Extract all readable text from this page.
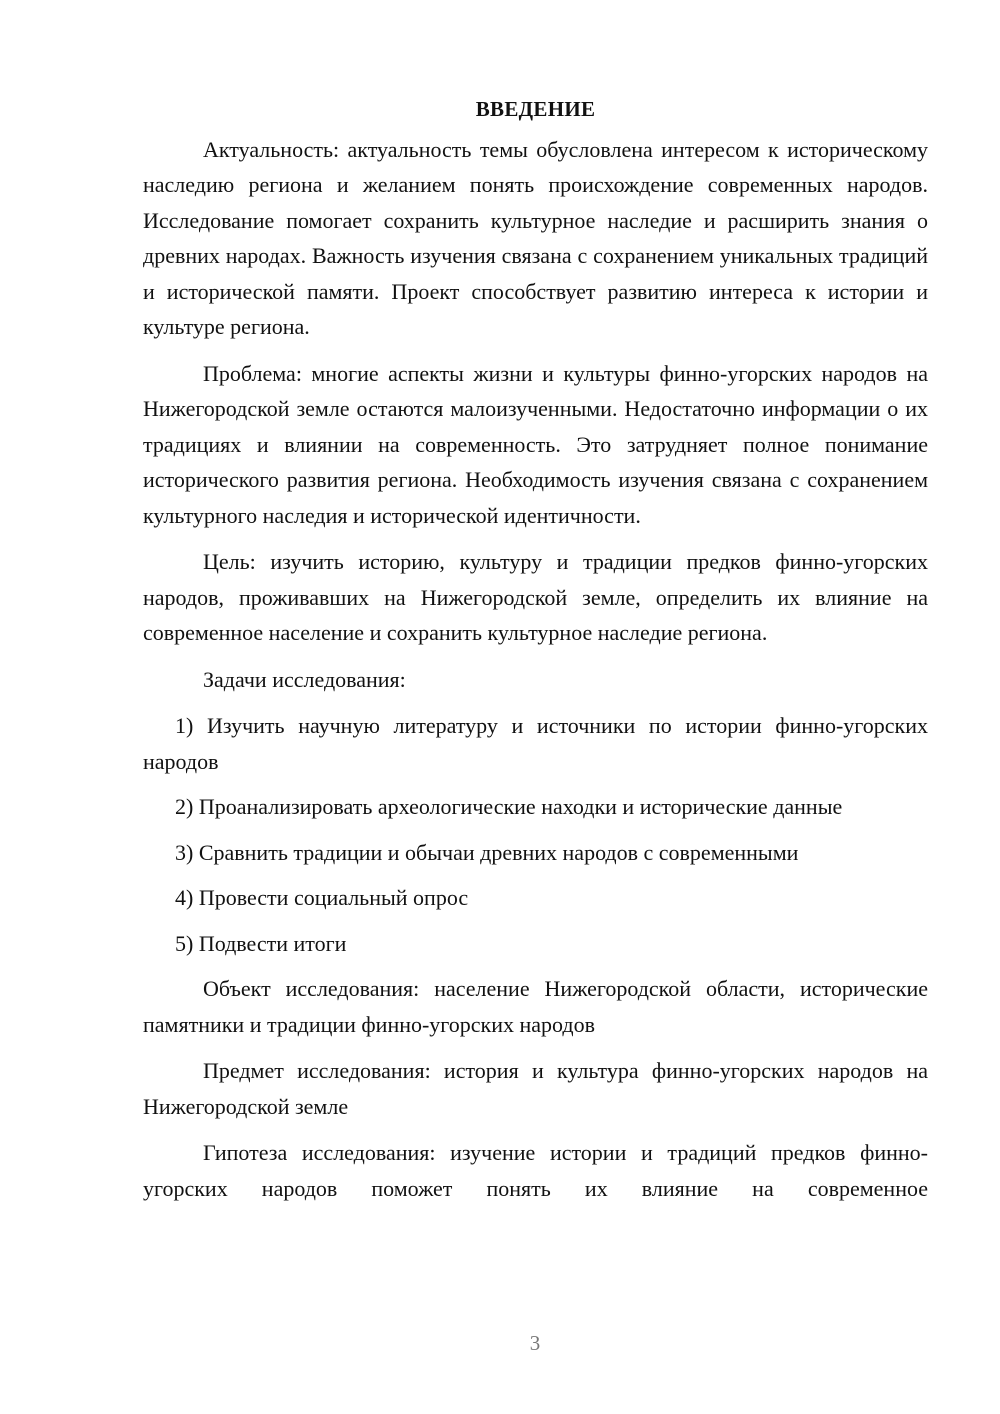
ВВЕДЕНИЕ

Актуальность: актуальность темы обусловлена интересом к историческому наследию региона и желанием понять происхождение современных народов. Исследование помогает сохранить культурное наследие и расширить знания о древних народах. Важность изучения связана с сохранением уникальных традиций и исторической памяти. Проект способствует развитию интереса к истории и культуре региона.

Проблема: многие аспекты жизни и культуры финно-угорских народов на Нижегородской земле остаются малоизученными. Недостаточно информации о их традициях и влиянии на современность. Это затрудняет полное понимание исторического развития региона. Необходимость изучения связана с сохранением культурного наследия и исторической идентичности.

Цель: изучить историю, культуру и традиции предков финно-угорских народов, проживавших на Нижегородской земле, определить их влияние на современное население и сохранить культурное наследие региона.

Задачи исследования:

1) Изучить научную литературу и источники по истории финно-угорских народов

2) Проанализировать археологические находки и исторические данные

3) Сравнить традиции и обычаи древних народов с современными

4) Провести социальный опрос

5) Подвести итоги

Объект исследования: население Нижегородской области, исторические памятники и традиции финно-угорских народов

Предмет исследования: история и культура финно-угорских народов на Нижегородской земле

Гипотеза исследования: изучение истории и традиций предков финно-угорских народов поможет понять их влияние на современное

3
